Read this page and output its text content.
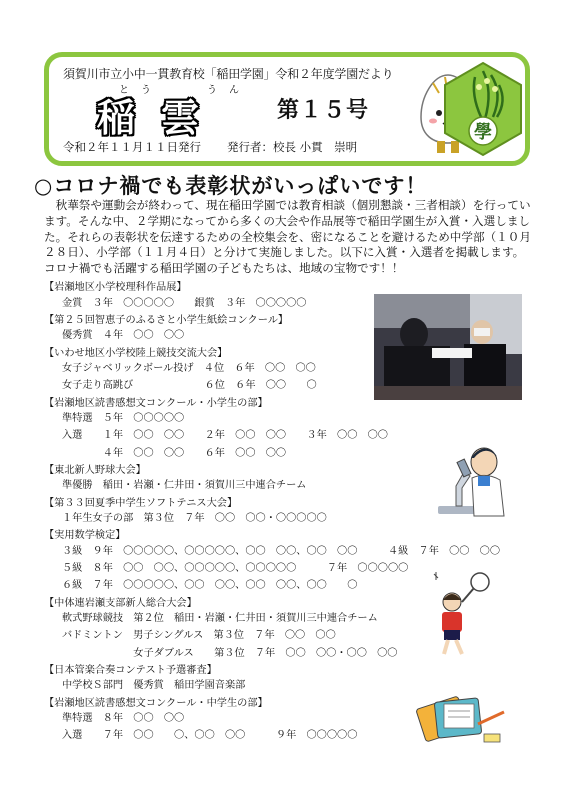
須賀川市立小中一貫教育校「稲田学園」令和２年度学園だより
と う	う ん
稲雲 第１５号
令和２年１１月１１日発行 発行者：校長 小貫　崇明
學
○コロナ禍でも表彰状がいっぱいです！

秋華祭や運動会が終わって、現在稲田学園では教育相談（個別懇談・三者相談）を行っています。そんな中、２学期になってから多くの大会や作品展等で稲田学園生が入賞・入選しました。それらの表彰状を伝達するための全校集会を、密になることを避けるため中学部（１０月２８日）、小学部（１１月４日）と分けて実施しました。以下に入賞・入選者を掲載します。コロナ禍でも活躍する稲田学園の子どもたちは、地域の宝物です！！

【岩瀬地区小学校理科作品展】
金賞　３年　〇〇〇〇〇　　銀賞　３年　〇〇〇〇〇
【第２５回智恵子のふるさと小学生紙絵コンクール】
優秀賞　４年　〇〇　〇〇
【いわせ地区小学校陸上競技交流大会】
女子ジャベリックボール投げ　４位　６年　〇〇　〇〇
女子走り高跳び　　　　　　　６位　６年　〇〇　　〇
【岩瀬地区読書感想文コンクール・小学生の部】
準特選　５年　〇〇〇〇〇
入選　　１年　〇〇　〇〇　　２年　〇〇　〇〇　　３年　〇〇　〇〇
　　　　４年　〇〇　〇〇　　６年　〇〇　〇〇
【東北新人野球大会】
準優勝　稲田・岩瀬・仁井田・須賀川三中連合チーム
【第３３回夏季中学生ソフトテニス大会】
１年生女子の部　第３位　７年　〇〇　〇〇・〇〇〇〇〇
【実用数学検定】
３級　９年　〇〇〇〇〇、〇〇〇〇〇、〇〇　〇〇、〇〇　〇〇　　　４級　７年　〇〇　〇〇
５級　８年　〇〇　〇〇、〇〇〇〇〇、〇〇〇〇〇　　　７年　〇〇〇〇〇
６級　７年　〇〇〇〇〇、〇〇　〇〇、〇〇　〇〇、〇〇　　〇
【中体連岩瀬支部新人総合大会】
軟式野球競技　第２位　稲田・岩瀬・仁井田・須賀川三中連合チーム
バドミントン　男子シングルス　第３位　７年　〇〇　〇〇
　　　　　　　女子ダブルス　　第３位　７年　〇〇　〇〇・〇〇　〇〇
【日本管楽合奏コンテスト予選審査】
中学校Ｓ部門　優秀賞　稲田学園音楽部
【岩瀬地区読書感想文コンクール・中学生の部】
準特選　８年　〇〇　〇〇
入選　　７年　〇〇　　〇、〇〇　〇〇　　　９年　〇〇〇〇〇
